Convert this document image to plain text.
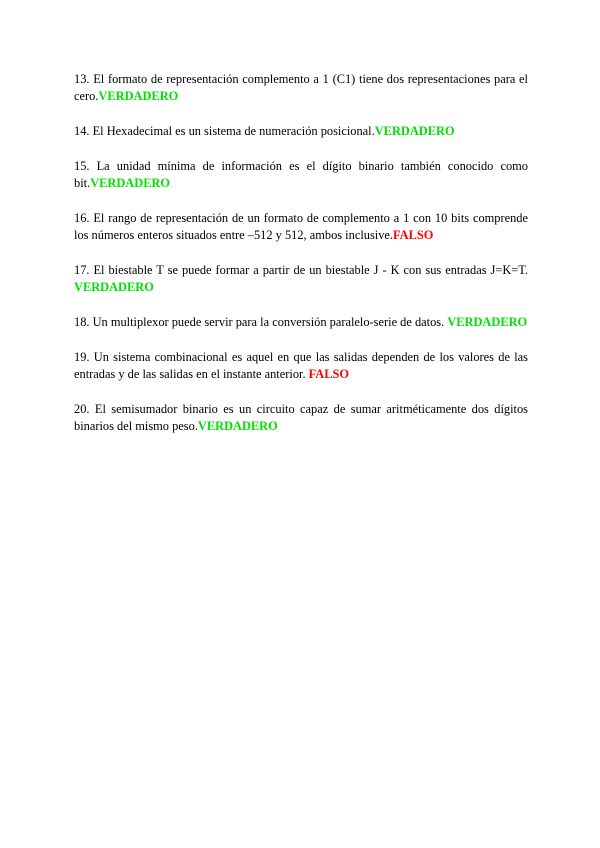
13. El formato de representación complemento a 1 (C1) tiene dos representaciones para el cero.VERDADERO

14. El Hexadecimal es un sistema de numeración posicional.VERDADERO

15. La unidad mínima de información es el dígito binario también conocido como bit.VERDADERO

16. El rango de representación de un formato de complemento a 1 con 10 bits comprende los números enteros situados entre –512 y 512, ambos inclusive.FALSO

17. El biestable T se puede formar a partir de un biestable J - K con sus entradas J=K=T. VERDADERO

18. Un multiplexor puede servir para la conversión paralelo-serie de datos. VERDADERO

19. Un sistema combinacional es aquel en que las salidas dependen de los valores de las entradas y de las salidas en el instante anterior. FALSO

20. El semisumador binario es un circuito capaz de sumar aritméticamente dos dígitos binarios del mismo peso.VERDADERO
